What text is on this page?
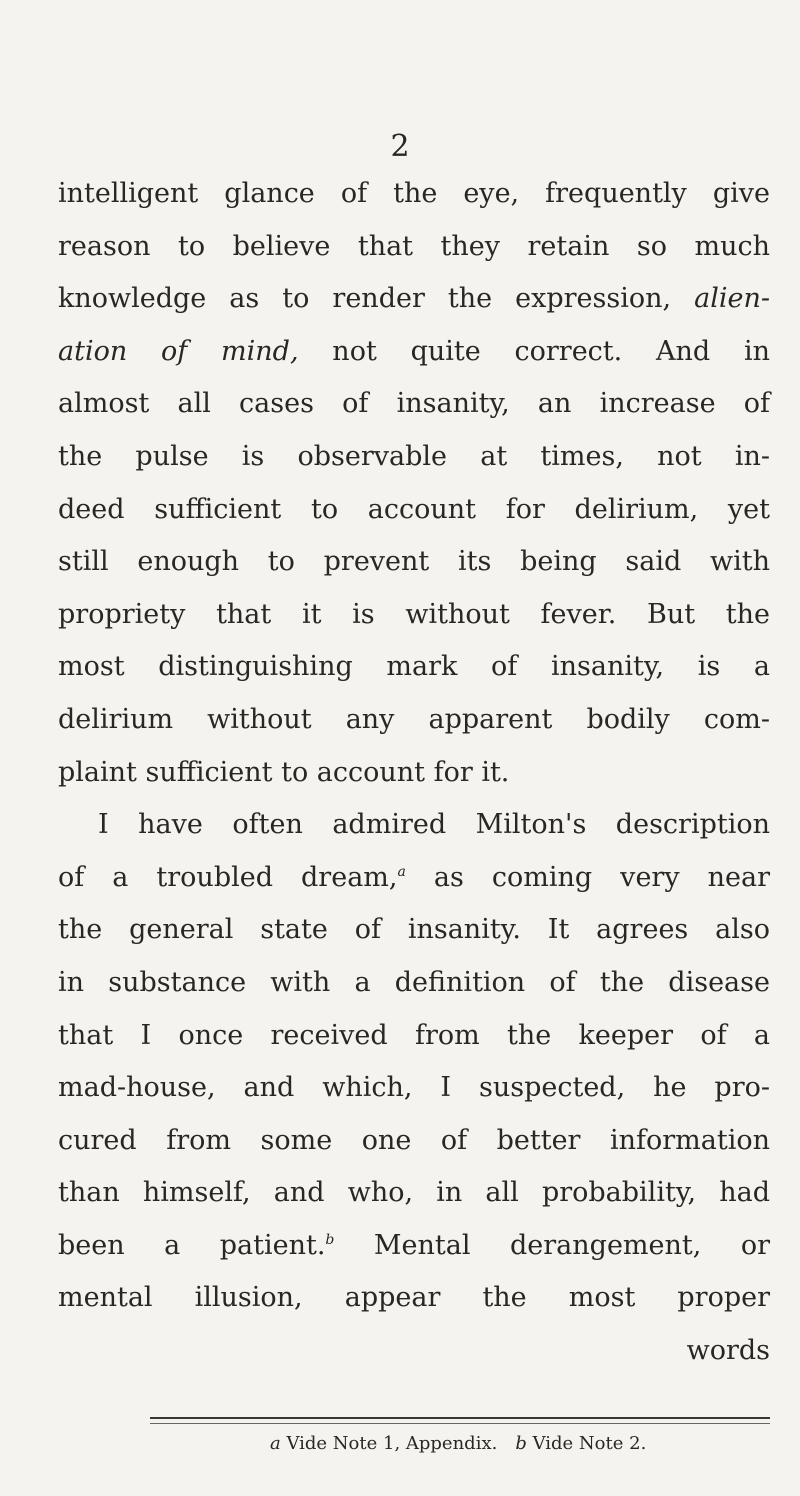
2
intelligent glance of the eye, frequently give
reason to believe that they retain so much
knowledge as to render the expression, alien-
ation of mind, not quite correct. And in
almost all cases of insanity, an increase of
the pulse is observable at times, not in-
deed sufficient to account for delirium, yet
still enough to prevent its being said with
propriety that it is without fever. But the
most distinguishing mark of insanity, is a
delirium without any apparent bodily com-
plaint sufficient to account for it.
I have often admired Milton's description
of a troubled dream,$^a$ as coming very near
the general state of insanity. It agrees also
in substance with a definition of the disease
that I once received from the keeper of a
mad-house, and which, I suspected, he pro-
cured from some one of better information
than himself, and who, in all probability, had
been a patient.$^b$ Mental derangement, or
mental illusion, appear the most proper
words
a Vide Note 1, Appendix. b Vide Note 2.
